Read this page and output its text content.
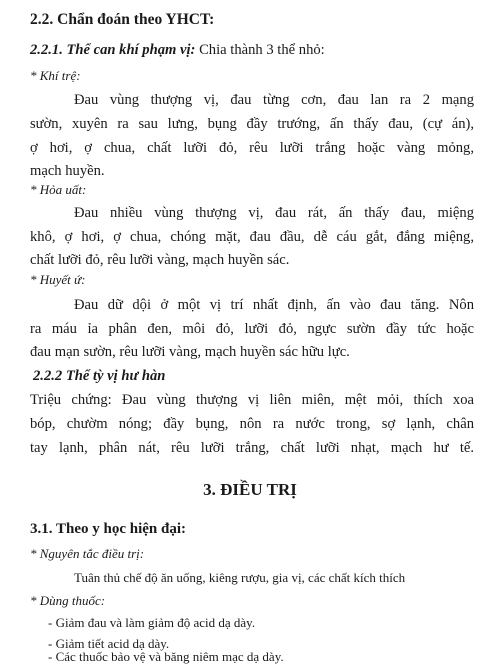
2.2. Chẩn đoán theo YHCT:
2.2.1. Thể can khí phạm vị: Chia thành 3 thể nhỏ:
* Khí trệ:
Đau vùng thượng vị, đau từng cơn, đau lan ra 2 mạng
sườn, xuyên ra sau lưng, bụng đầy trướng, ấn thấy đau, (cự án),
ợ hơi, ợ chua, chất lưỡi đỏ, rêu lưỡi trắng hoặc vàng mỏng,
mạch huyền.
* Hỏa uất:
Đau nhiều vùng thượng vị, đau rát, ấn thấy đau, miệng
khô, ợ hơi, ợ chua, chóng mặt, đau đầu, dễ cáu gắt, đắng miệng,
chất lưỡi đỏ, rêu lưỡi vàng, mạch huyền sác.
* Huyết ứ:
Đau dữ dội ở một vị trí nhất định, ấn vào đau tăng. Nôn
ra máu ỉa phân đen, môi đỏ, lưỡi đỏ, ngực sườn đầy tức hoặc
đau mạn sườn, rêu lưỡi vàng, mạch huyền sác hữu lực.
2.2.2 Thể tỳ vị hư hàn
Triệu chứng: Đau vùng thượng vị liên miên, mệt mỏi, thích xoa
bóp, chườm nóng; đầy bụng, nôn ra nước trong, sợ lạnh, chân
tay lạnh, phân nát, rêu lưỡi trắng, chất lưỡi nhạt, mạch hư tế.
3. ĐIỀU TRỊ
3.1. Theo y học hiện đại:
* Nguyên tắc điều trị:
Tuân thủ chế độ ăn uống, kiêng rượu, gia vị, các chất kích thích
* Dùng thuốc:
- Giảm đau và làm giảm độ acid dạ dày.
- Giảm tiết acid dạ dày.
- Các thuốc bảo vệ và băng niêm mạc dạ dày.
